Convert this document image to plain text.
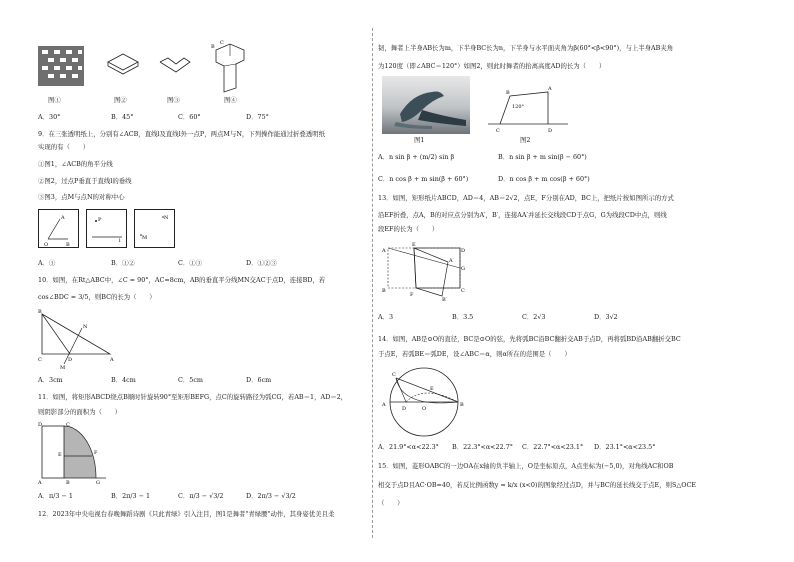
B
C
图①	图②	图③	图④
A．30°	B．45°	C．60°	D．75°
9．在三张透明纸上，分别有∠ACB，直线l及直线l外一点P，两点M与N，下列操作能通过折叠透明纸
实现的有（　　）
①图1，∠ACB的角平分线
②图2，过点P垂直于直线l的垂线
③图3，点M与点N的对称中心
A
O	B
P
l
N
M
A．①	B．①②	C．①③	D．①②③
10．如图，在Rt△ABC中，∠C = 90°，AC=8cm，AB的垂直平分线MN交AC于点D，连接BD，若
cos∠BDC = 3/5，则BC的长为（　　）
B
C	D	A
M
N
A．3cm	B．4cm	C．5cm	D．6cm
11．如图，将矩形ABCD绕点B顺时针旋转90°至矩形BEFG，点C的旋转路径为弧CG，若AB＝1，AD＝2，
则阴影部分的面积为（　　）
D	C
E
A	B	G
F
A．π/3 − 1	B．2π/3 − 1	C．π/3 − √3/2	D．2π/3 − √3/2
12．2023年中央电视台春晚舞蹈诗剧《只此青绿》引入注目，图1是舞者"青绿腰"动作，其身姿优美且柔
韧，舞者上半身AB长为m，下半身BC长为n，下半身与水平面夹角为β(60°<β<90°)，与上半身AB夹角
为120度（即∠ABC＝120°）如图2，则此时舞者的抬离高度AD的长为（　　）
图1
C
B
A
D
120°
图2
A．n sin β + (m/2) sin β	B．n sin β + m sin(β − 60°)
C．n cos β + m sin(β + 60°)	D．n cos β + m cos(β + 60°)
13．如图，矩形纸片ABCD，AD＝4，AB＝2√2，点E，F分别在AD，BC上，把纸片按如图所示的方式
沿EF折叠，点A，B的对应点分别为A′，B′，连接AA′并延长交线段CD于点G，G为线段CD中点，则线
段EF的长为（　　）
A
E
D
G
A′
B
F
C
B′
A．3	B．3.5	C．2√3	D．3√2
14．如图，AB是⊙O的直径，BC是⊙O的弦，先将弧BC沿BC翻折交AB于点D，再将弧BD沿AB翻折交BC
于点E，若弧BE＝弧DE，设∠ABC＝α，则α所在的范围是（　　）
C
A
D	O
B
E
A．21.9°<α<22.3° B．22.3°<α<22.7° C．22.7°<α<23.1° D．23.1°<α<23.5°
15．如图，菱形OABC的一边OA在x轴的负半轴上，O是坐标原点，A点坐标为(−5,0)，对角线AC和OB
相交于点D且AC·OB=40，若反比例函数y = k/x (x<0)的图象经过点D，并与BC的延长线交于点E，则S△OCE
（　　）
